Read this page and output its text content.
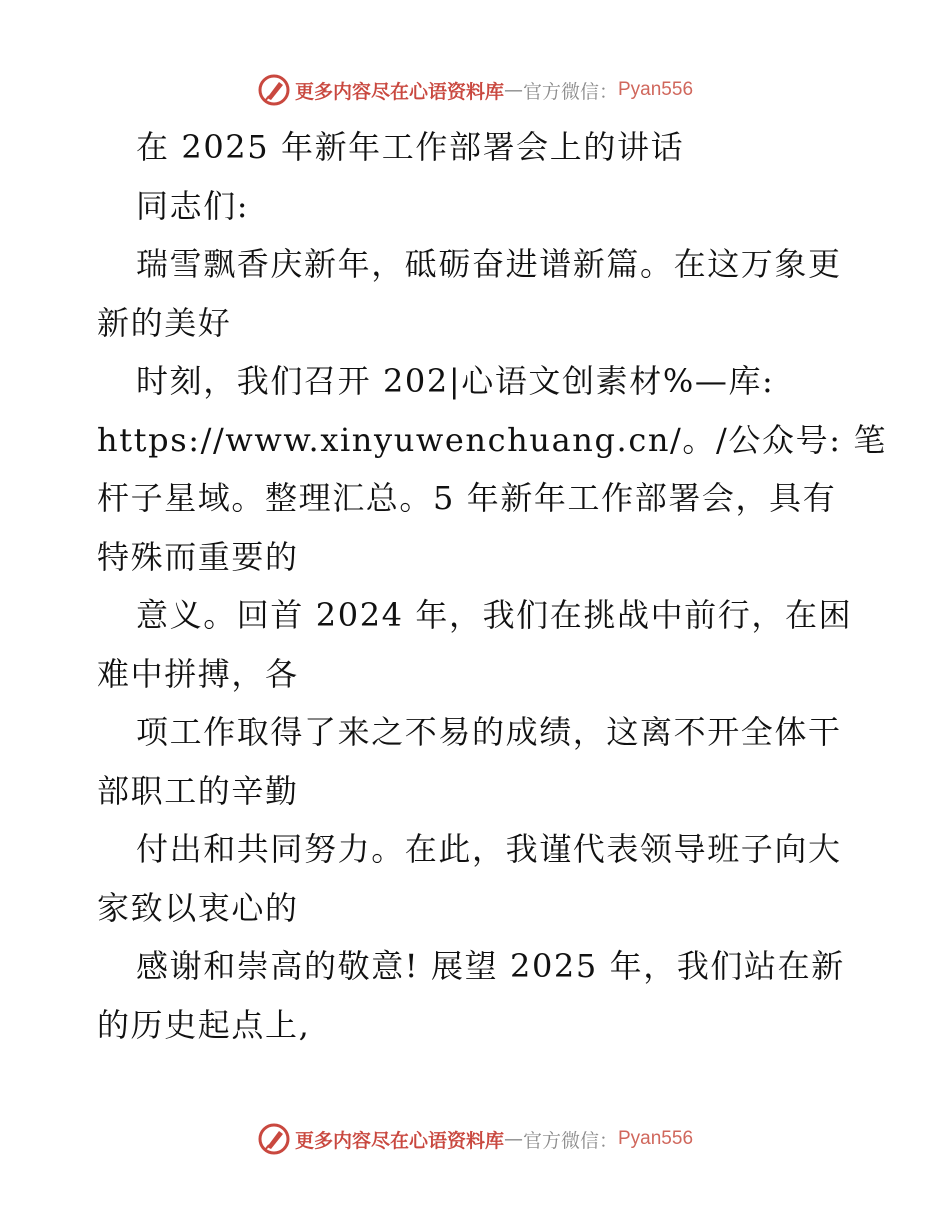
更多内容尽在心语资料库 — 官方微信： Pyan556
在 2025 年新年工作部署会上的讲话
同志们:
瑞雪飘香庆新年，砥砺奋进谱新篇。在这万象更
新的美好
时刻，我们召开 202|心语文创素材%—库:
https://www.xinyuwenchuang.cn/。/公众号: 笔
杆子星域。整理汇总。5 年新年工作部署会，具有
特殊而重要的
意义。回首 2024 年，我们在挑战中前行，在困
难中拼搏，各
项工作取得了来之不易的成绩，这离不开全体干
部职工的辛勤
付出和共同努力。在此，我谨代表领导班子向大
家致以衷心的
感谢和崇高的敬意! 展望 2025 年，我们站在新
的历史起点上,
更多内容尽在心语资料库 — 官方微信： Pyan556
